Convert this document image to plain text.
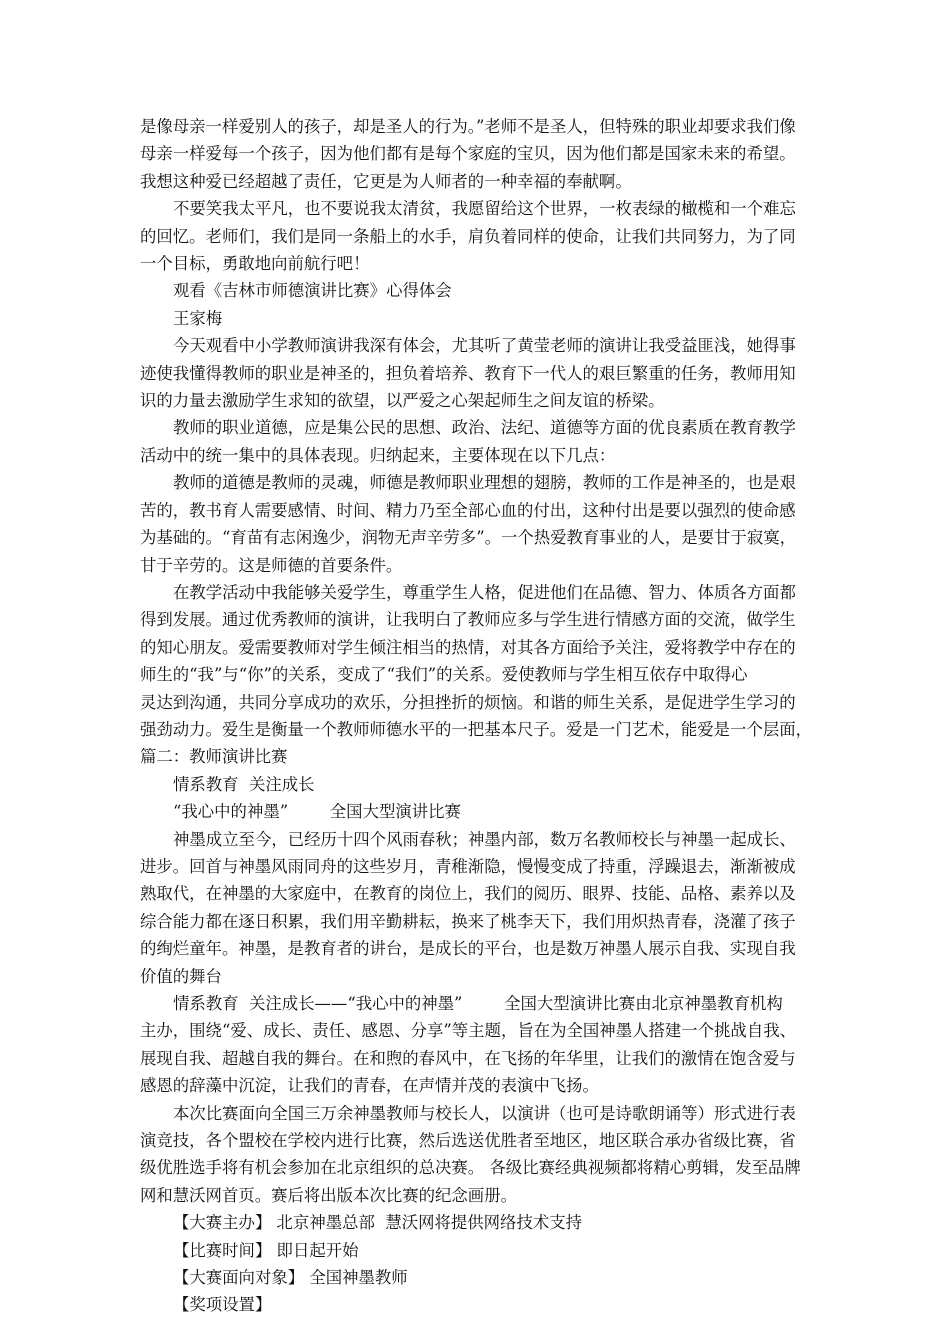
是像母亲一样爱别人的孩子，却是圣人的行为。”老师不是圣人，但特殊的职业却要求我们像

母亲一样爱每一个孩子，因为他们都有是每个家庭的宝贝，因为他们都是国家未来的希望。

我想这种爱已经超越了责任，它更是为人师者的一种幸福的奉献啊。

不要笑我太平凡，也不要说我太清贫，我愿留给这个世界，一枚表绿的橄榄和一个难忘

的回忆。老师们，我们是同一条船上的水手，肩负着同样的使命，让我们共同努力，为了同

一个目标，勇敢地向前航行吧！

观看《吉林市师德演讲比赛》心得体会

王家梅

今天观看中小学教师演讲我深有体会，尤其听了黄莹老师的演讲让我受益匪浅，她得事

迹使我懂得教师的职业是神圣的，担负着培养、教育下一代人的艰巨繁重的任务，教师用知

识的力量去激励学生求知的欲望，以严爱之心架起师生之间友谊的桥梁。

教师的职业道德，应是集公民的思想、政治、法纪、道德等方面的优良素质在教育教学

活动中的统一集中的具体表现。归纳起来，主要体现在以下几点：

教师的道德是教师的灵魂，师德是教师职业理想的翅膀，教师的工作是神圣的，也是艰

苦的，教书育人需要感情、时间、精力乃至全部心血的付出，这种付出是要以强烈的使命感

为基础的。“育苗有志闲逸少，润物无声辛劳多”。一个热爱教育事业的人，是要甘于寂寞，

甘于辛劳的。这是师德的首要条件。

在教学活动中我能够关爱学生，尊重学生人格，促进他们在品德、智力、体质各方面都

得到发展。通过优秀教师的演讲，让我明白了教师应多与学生进行情感方面的交流，做学生

的知心朋友。爱需要教师对学生倾注相当的热情，对其各方面给予关注，爱将教学中存在的

师生的“我”与“你”的关系，变成了“我们”的关系。爱使教师与学生相互依存中取得心

灵达到沟通，共同分享成功的欢乐，分担挫折的烦恼。和谐的师生关系，是促进学生学习的

强劲动力。爱生是衡量一个教师师德水平的一把基本尺子。爱是一门艺术，能爱是一个层面，

篇二：教师演讲比赛

情系教育  关注成长

“我心中的神墨”        全国大型演讲比赛

神墨成立至今，已经历十四个风雨春秋；神墨内部，数万名教师校长与神墨一起成长、

进步。回首与神墨风雨同舟的这些岁月，青稚渐隐，慢慢变成了持重，浮躁退去，渐渐被成

熟取代，在神墨的大家庭中，在教育的岗位上，我们的阅历、眼界、技能、品格、素养以及

综合能力都在逐日积累，我们用辛勤耕耘，换来了桃李天下，我们用炽热青春，浇灌了孩子

的绚烂童年。神墨，是教育者的讲台，是成长的平台，也是数万神墨人展示自我、实现自我

价值的舞台

情系教育  关注成长——“我心中的神墨”        全国大型演讲比赛由北京神墨教育机构

主办，围绕“爱、成长、责任、感恩、分享”等主题，旨在为全国神墨人搭建一个挑战自我、

展现自我、超越自我的舞台。在和煦的春风中，在飞扬的年华里，让我们的激情在饱含爱与

感恩的辞藻中沉淀，让我们的青春，在声情并茂的表演中飞扬。

本次比赛面向全国三万余神墨教师与校长人，以演讲（也可是诗歌朗诵等）形式进行表

演竞技，各个盟校在学校内进行比赛，然后选送优胜者至地区，地区联合承办省级比赛，省

级优胜选手将有机会参加在北京组织的总决赛。 各级比赛经典视频都将精心剪辑，发至品牌

网和慧沃网首页。赛后将出版本次比赛的纪念画册。

【大赛主办】 北京神墨总部  慧沃网将提供网络技术支持

【比赛时间】 即日起开始

【大赛面向对象】 全国神墨教师

【奖项设置】
